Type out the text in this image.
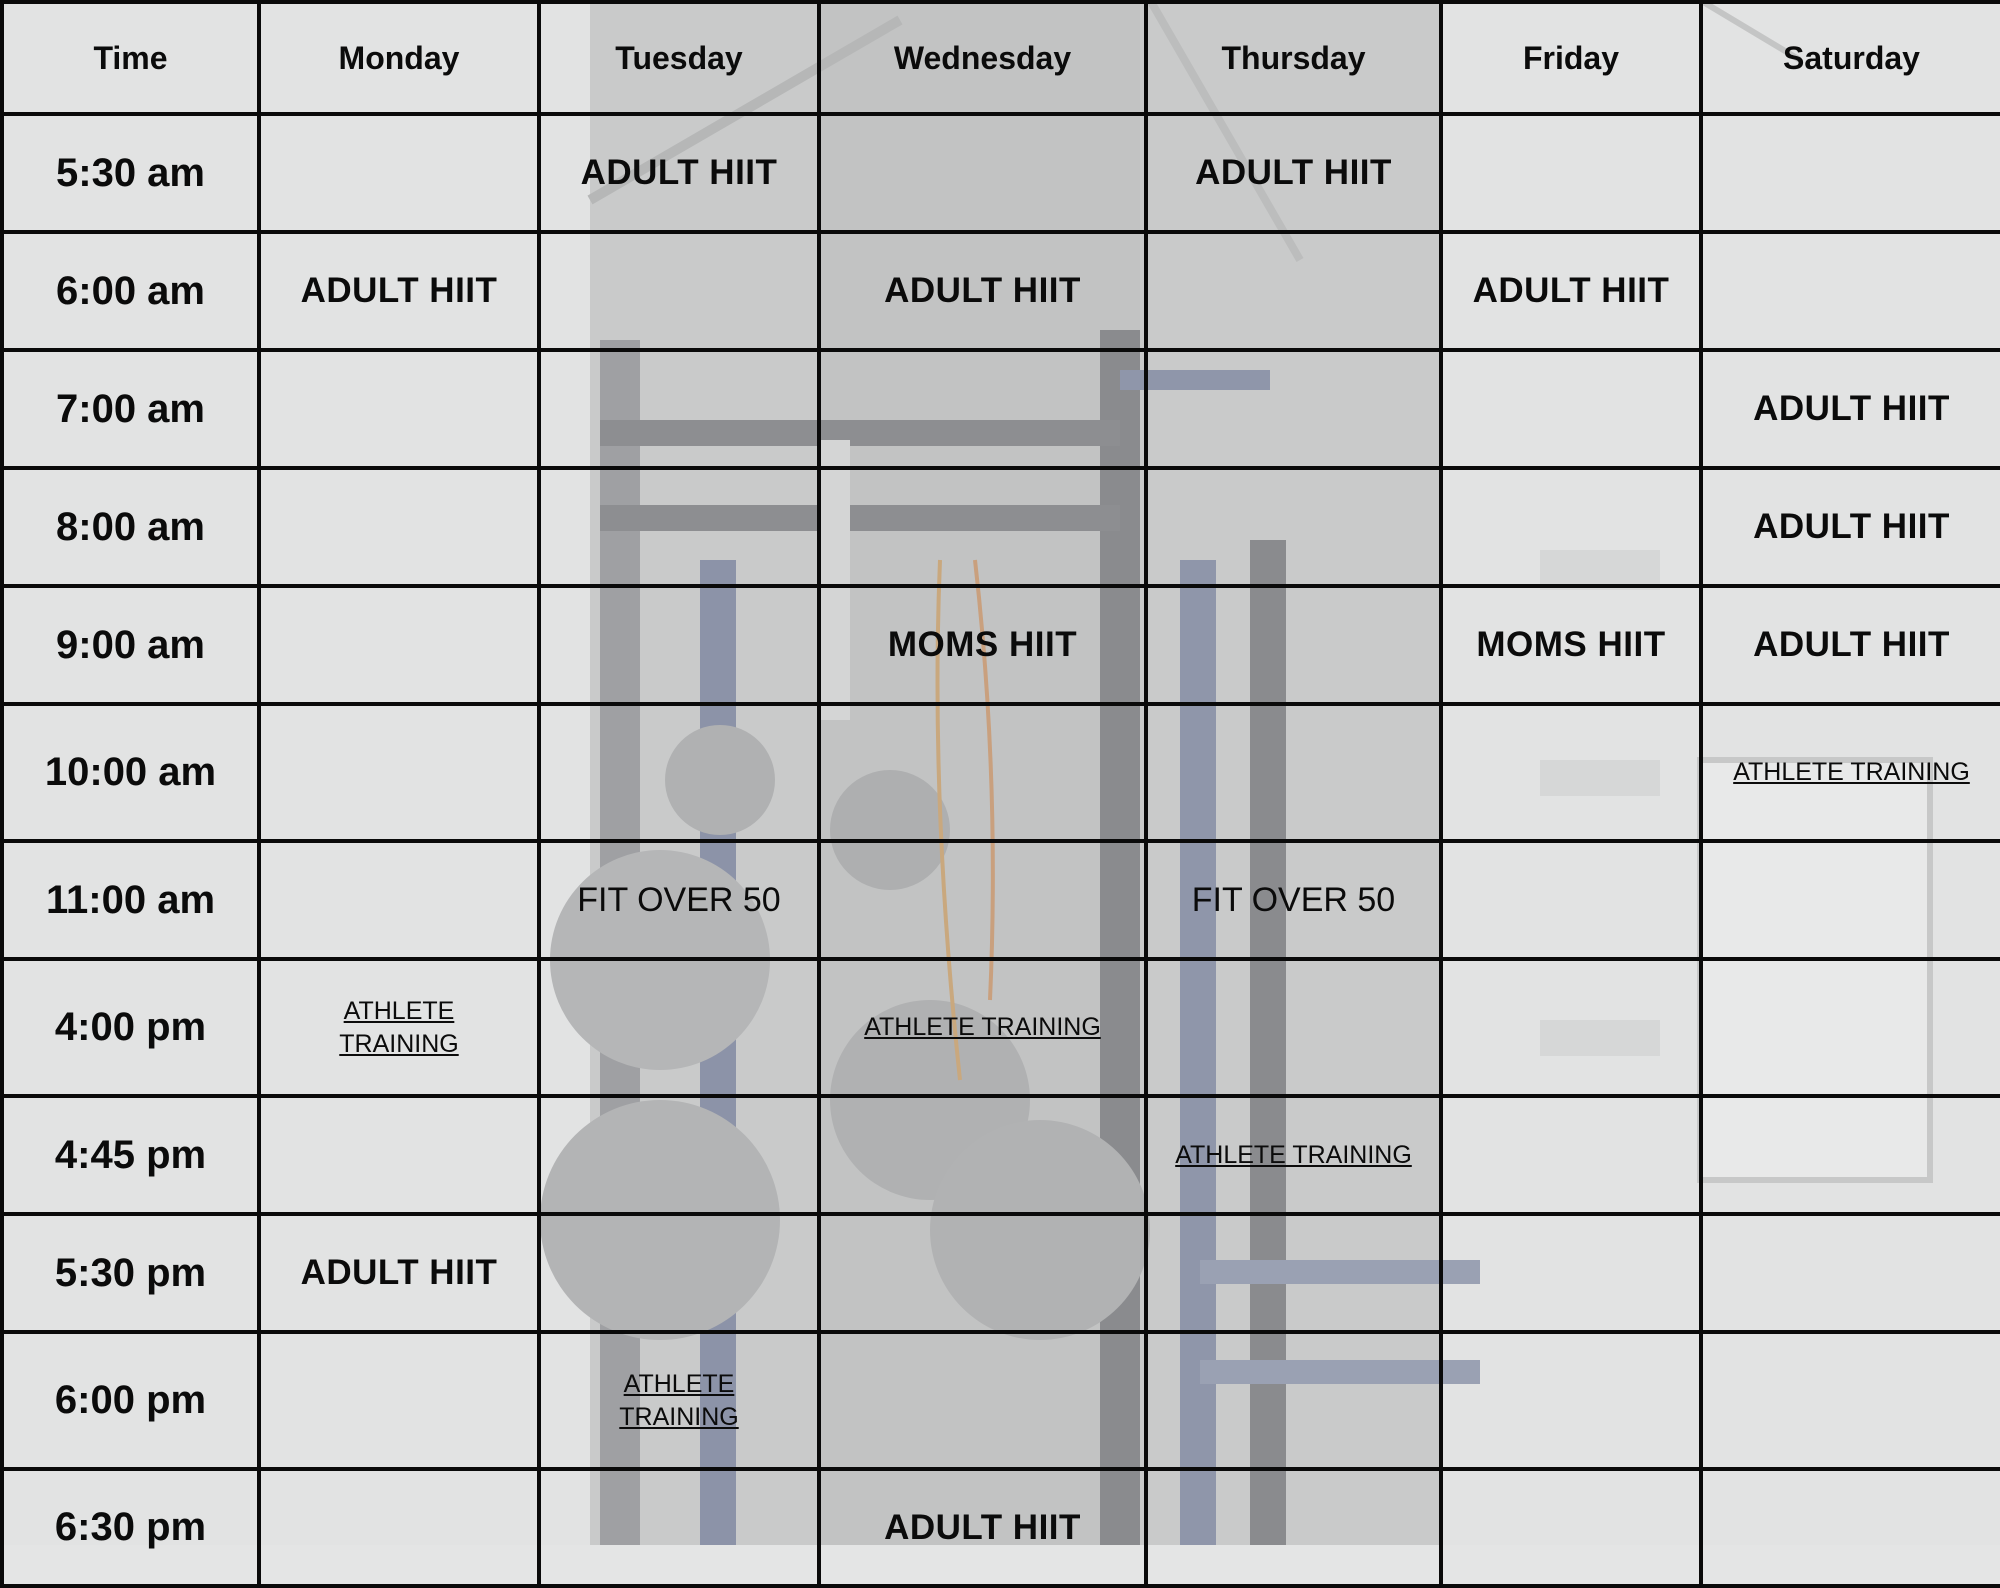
Time	Monday	Tuesday	Wednesday	Thursday	Friday	Saturday
5:30 am		ADULT HIIT		ADULT HIIT		
6:00 am	ADULT HIIT		ADULT HIIT		ADULT HIIT	
7:00 am						ADULT HIIT
8:00 am						ADULT HIIT
9:00 am			MOMS HIIT		MOMS HIIT	ADULT HIIT
10:00 am						ATHLETE TRAINING
11:00 am		FIT OVER 50		FIT OVER 50		
4:00 pm	ATHLETE TRAINING		ATHLETE TRAINING			
4:45 pm				ATHLETE TRAINING		
5:30 pm	ADULT HIIT					
6:00 pm		ATHLETE TRAINING				
6:30 pm			ADULT HIIT			
